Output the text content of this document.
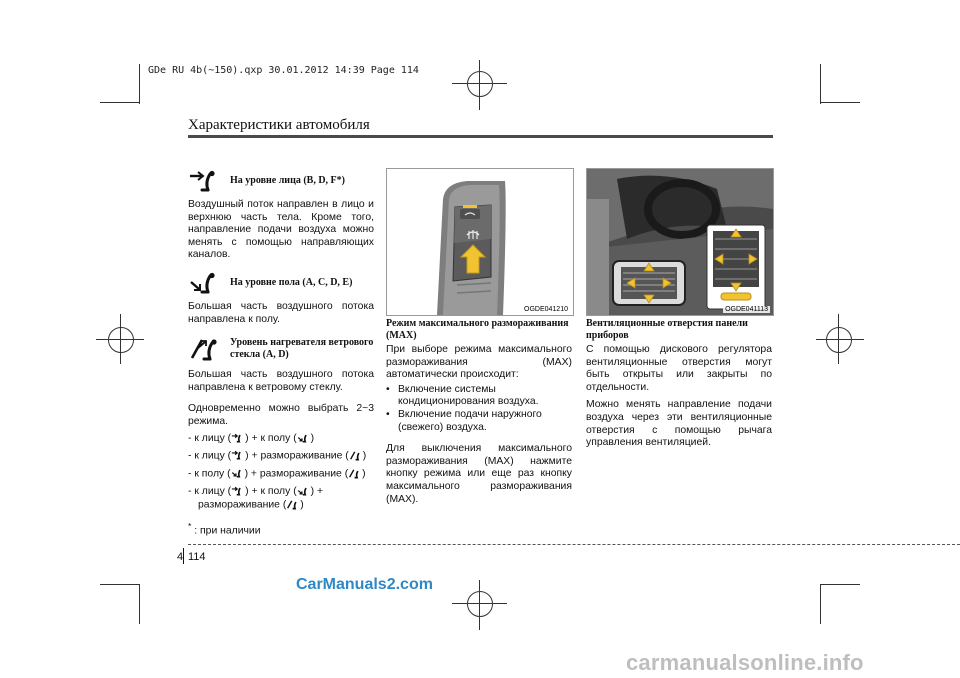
GDe RU 4b(~150).qxp 30.01.2012 14:39 Page 114
Характеристики автомобиля
На уровне лица (B, D, F*)

Воздушный поток направлен в лицо и верхнюю часть тела. Кроме того, направление подачи воздуха можно менять с помощью направляющих каналов.

На уровне пола (A, C, D, E)

Большая часть воздушного потока направлена к полу.

Уровень нагревателя ветрового стекла (A, D)

Большая часть воздушного потока направлена к ветровому стеклу.

Одновременно можно выбрать 2~3 режима.

- к лицу ( ) + к полу ( )
- к лицу ( ) + размораживание ( )
- к полу ( ) + размораживание ( )
- к лицу ( ) + к полу ( ) +
размораживание ( )
* : при наличии
OGDE041210
Режим максимального размораживания (MAX)

При выборе режима максимального размораживания (MAX) автоматически происходит:

• Включение системы кондиционирования воздуха.
• Включение подачи наружного (свежего) воздуха.

Для выключения максимального размораживания (MAX) нажмите кнопку режима или еще раз кнопку максимального размораживания (MAX).

OGDE041113
Вентиляционные отверстия панели приборов

С помощью дискового регулятора вентиляционные отверстия могут быть открыты или закрыты по отдельности.

Можно менять направление подачи воздуха через эти вентиляционные отверстия с помощью рычага управления вентиляцией.

4 114
CarManuals2.com
carmanualsonline.info
